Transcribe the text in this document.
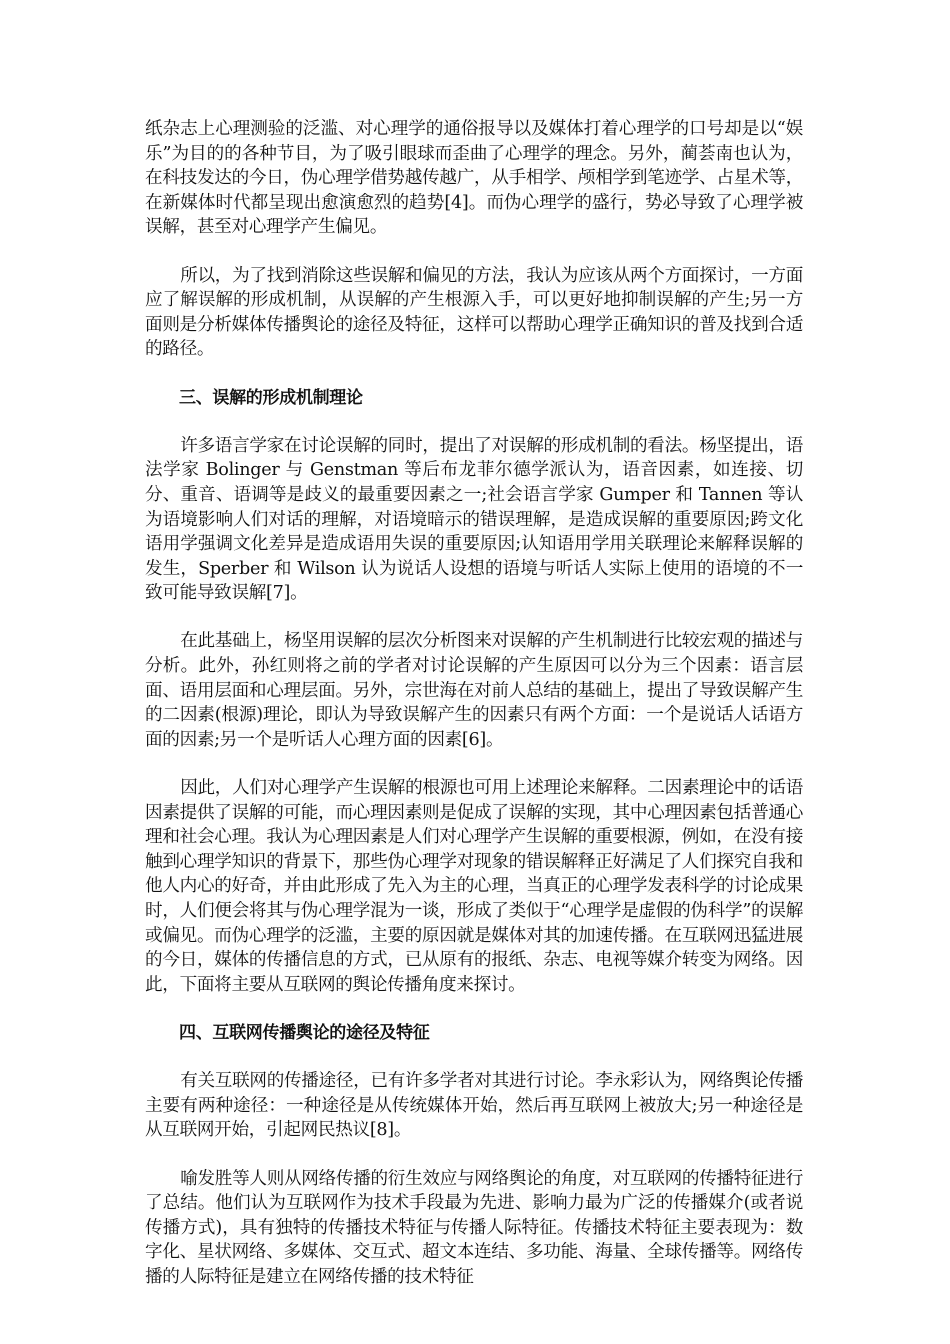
纸杂志上心理测验的泛滥、对心理学的通俗报导以及媒体打着心理学的口号却是以“娱乐”为目的的各种节目，为了吸引眼球而歪曲了心理学的理念。另外，蔺荟南也认为，在科技发达的今日，伪心理学借势越传越广，从手相学、颅相学到笔迹学、占星术等，在新媒体时代都呈现出愈演愈烈的趋势[4]。而伪心理学的盛行，势必导致了心理学被误解，甚至对心理学产生偏见。

所以，为了找到消除这些误解和偏见的方法，我认为应该从两个方面探讨，一方面应了解误解的形成机制，从误解的产生根源入手，可以更好地抑制误解的产生;另一方面则是分析媒体传播舆论的途径及特征，这样可以帮助心理学正确知识的普及找到合适的路径。

三、误解的形成机制理论

许多语言学家在讨论误解的同时，提出了对误解的形成机制的看法。杨坚提出，语法学家 Bolinger 与 Genstman 等后布龙菲尔德学派认为，语音因素，如连接、切分、重音、语调等是歧义的最重要因素之一;社会语言学家 Gumper 和 Tannen 等认为语境影响人们对话的理解，对语境暗示的错误理解，是造成误解的重要原因;跨文化语用学强调文化差异是造成语用失误的重要原因;认知语用学用关联理论来解释误解的发生，Sperber 和 Wilson 认为说话人设想的语境与听话人实际上使用的语境的不一致可能导致误解[7]。

在此基础上，杨坚用误解的层次分析图来对误解的产生机制进行比较宏观的描述与分析。此外，孙红则将之前的学者对讨论误解的产生原因可以分为三个因素：语言层面、语用层面和心理层面。另外，宗世海在对前人总结的基础上，提出了导致误解产生的二因素(根源)理论，即认为导致误解产生的因素只有两个方面：一个是说话人话语方面的因素;另一个是听话人心理方面的因素[6]。

因此，人们对心理学产生误解的根源也可用上述理论来解释。二因素理论中的话语因素提供了误解的可能，而心理因素则是促成了误解的实现，其中心理因素包括普通心理和社会心理。我认为心理因素是人们对心理学产生误解的重要根源，例如，在没有接触到心理学知识的背景下，那些伪心理学对现象的错误解释正好满足了人们探究自我和他人内心的好奇，并由此形成了先入为主的心理，当真正的心理学发表科学的讨论成果时，人们便会将其与伪心理学混为一谈，形成了类似于“心理学是虚假的伪科学”的误解或偏见。而伪心理学的泛滥，主要的原因就是媒体对其的加速传播。在互联网迅猛进展的今日，媒体的传播信息的方式，已从原有的报纸、杂志、电视等媒介转变为网络。因此，下面将主要从互联网的舆论传播角度来探讨。

四、互联网传播舆论的途径及特征

有关互联网的传播途径，已有许多学者对其进行讨论。李永彩认为，网络舆论传播主要有两种途径：一种途径是从传统媒体开始，然后再互联网上被放大;另一种途径是从互联网开始，引起网民热议[8]。

喻发胜等人则从网络传播的衍生效应与网络舆论的角度，对互联网的传播特征进行了总结。他们认为互联网作为技术手段最为先进、影响力最为广泛的传播媒介(或者说传播方式)，具有独特的传播技术特征与传播人际特征。传播技术特征主要表现为：数字化、星状网络、多媒体、交互式、超文本连结、多功能、海量、全球传播等。网络传播的人际特征是建立在网络传播的技术特征
